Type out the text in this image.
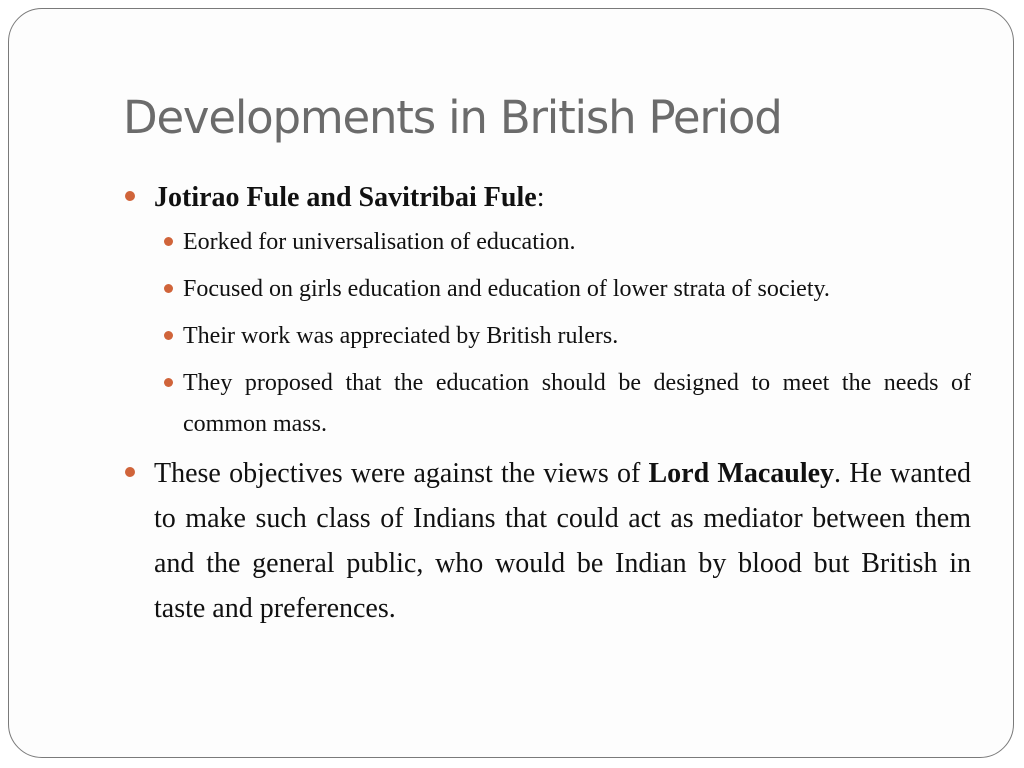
Developments in British Period
Jotirao Fule and Savitribai Fule:
Eorked for universalisation of education.
Focused on girls education and education of lower strata of society.
Their work was appreciated by British rulers.
They proposed that the education should be designed to meet the needs of common mass.
These objectives were against the views of Lord Macauley. He wanted to make such class of Indians that could act as mediator between them and the general public, who would be Indian by blood but British in taste and preferences.
